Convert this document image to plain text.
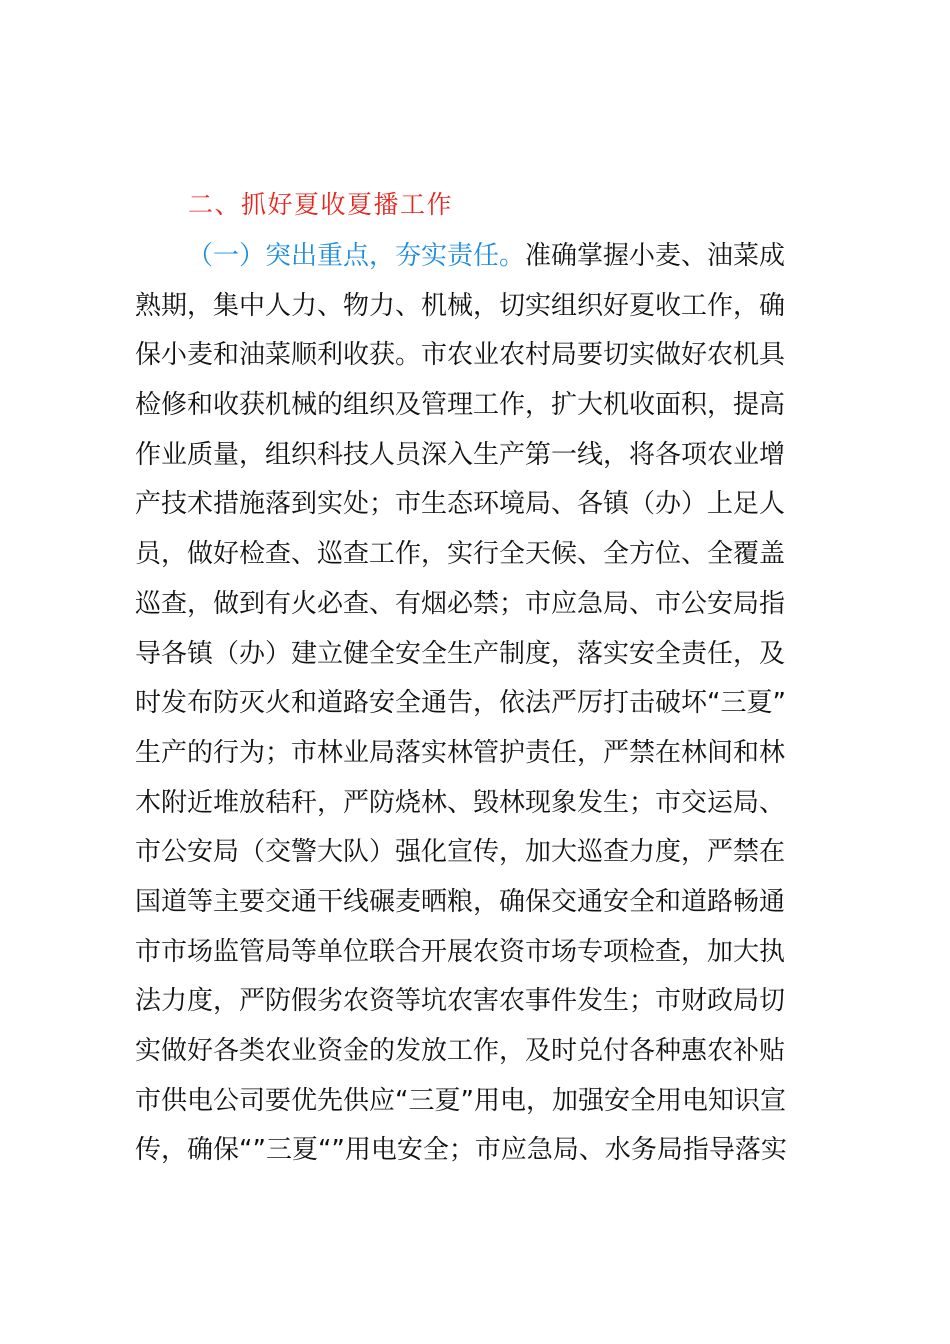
二、抓好夏收夏播工作
（一）突出重点，夯实责任。准确掌握小麦、油菜成
熟期，集中人力、物力、机械，切实组织好夏收工作，确
保小麦和油菜顺利收获。市农业农村局要切实做好农机具
检修和收获机械的组织及管理工作，扩大机收面积，提高
作业质量，组织科技人员深入生产第一线，将各项农业增
产技术措施落到实处；市生态环境局、各镇（办）上足人
员，做好检查、巡查工作，实行全天候、全方位、全覆盖
巡查，做到有火必查、有烟必禁；市应急局、市公安局指
导各镇（办）建立健全安全生产制度，落实安全责任，及
时发布防灭火和道路安全通告，依法严厉打击破坏“三夏”
生产的行为；市林业局落实林管护责任，严禁在林间和林
木附近堆放秸秆，严防烧林、毁林现象发生；市交运局、
市公安局（交警大队）强化宣传，加大巡查力度，严禁在
国道等主要交通干线碾麦晒粮，确保交通安全和道路畅通
市市场监管局等单位联合开展农资市场专项检查，加大执
法力度，严防假劣农资等坑农害农事件发生；市财政局切
实做好各类农业资金的发放工作，及时兑付各种惠农补贴
市供电公司要优先供应“三夏”用电，加强安全用电知识宣
传，确保“”三夏“”用电安全；市应急局、水务局指导落实
